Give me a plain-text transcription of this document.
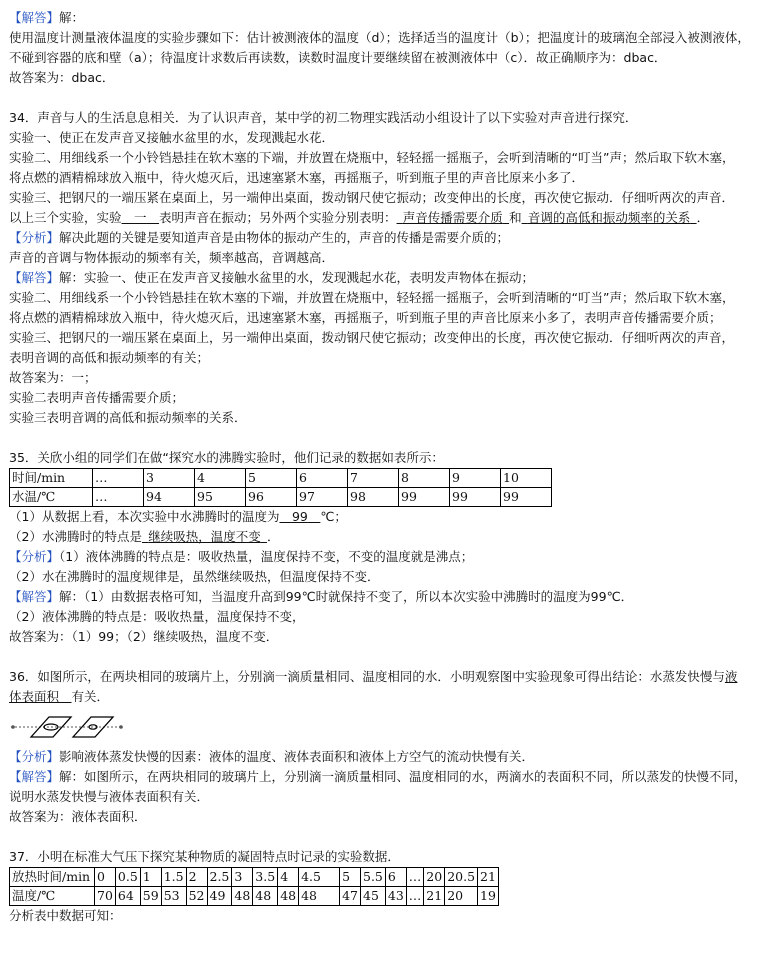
【解答】解：
使用温度计测量液体温度的实验步骤如下：估计被测液体的温度（d）；选择适当的温度计（b）；把温度计的玻璃泡全部浸入被测液体，
不碰到容器的底和壁（a）；待温度计求数后再读数，读数时温度计要继续留在被测液体中（c）．故正确顺序为：dbac．
故答案为：dbac．
34．声音与人的生活息息相关．为了认识声音，某中学的初二物理实践活动小组设计了以下实验对声音进行探究．
实验一、使正在发声音叉接触水盆里的水，发现溅起水花．
实验二、用细线系一个小铃铛悬挂在软木塞的下端，并放置在烧瓶中，轻轻摇一摇瓶子，会听到清晰的“叮当”声；然后取下软木塞，
将点燃的酒精棉球放入瓶中，待火熄灭后，迅速塞紧木塞，再摇瓶子，听到瓶子里的声音比原来小多了．
实验三、把钢尺的一端压紧在桌面上，另一端伸出桌面，拨动钢尺使它振动；改变伸出的长度，再次使它振动．仔细听两次的声音．
以上三个实验，实验  一  表明声音在振动；另外两个实验分别表明：  声音传播需要介质  和  音调的高低和振动频率的关系  ．
【分析】解决此题的关键是要知道声音是由物体的振动产生的，声音的传播是需要介质的；
声音的音调与物体振动的频率有关，频率越高，音调越高．
【解答】解：实验一、使正在发声音叉接触水盆里的水，发现溅起水花，表明发声物体在振动；
实验二、用细线系一个小铃铛悬挂在软木塞的下端，并放置在烧瓶中，轻轻摇一摇瓶子，会听到清晰的“叮当”声；然后取下软木塞，
将点燃的酒精棉球放入瓶中，待火熄灭后，迅速塞紧木塞，再摇瓶子，听到瓶子里的声音比原来小多了，表明声音传播需要介质；
实验三、把钢尺的一端压紧在桌面上，另一端伸出桌面，拨动钢尺使它振动；改变伸出的长度，再次使它振动．仔细听两次的声音，
表明音调的高低和振动频率的有关；
故答案为：一；
实验二表明声音传播需要介质；
实验三表明音调的高低和振动频率的关系．
35．关欣小组的同学们在做“探究水的沸腾实验时，他们记录的数据如表所示：
时间/min	…	3	4	5	6	7	8	9	10
水温/℃	…	94	95	96	97	98	99	99	99
（1）从数据上看，本次实验中水沸腾时的温度为  99  ℃；
（2）水沸腾时的特点是  继续吸热，温度不变  ．
【分析】（1）液体沸腾的特点是：吸收热量，温度保持不变，不变的温度就是沸点；
（2）水在沸腾时的温度规律是，虽然继续吸热，但温度保持不变．
【解答】解：（1）由数据表格可知，当温度升高到99℃时就保持不变了，所以本次实验中沸腾时的温度为99℃．
（2）液体沸腾的特点是：吸收热量，温度保持不变，
故答案为：（1）99；（2）继续吸热，温度不变．
36．如图所示，在两块相同的玻璃片上，分别滴一滴质量相同、温度相同的水．小明观察图中实验现象可得出结论：水蒸发快慢与液
体表面积  有关．
【分析】影响液体蒸发快慢的因素：液体的温度、液体表面积和液体上方空气的流动快慢有关．
【解答】解：如图所示，在两块相同的玻璃片上，分别滴一滴质量相同、温度相同的水，两滴水的表面积不同，所以蒸发的快慢不同，
说明水蒸发快慢与液体表面积有关．
故答案为：液体表面积．
37．小明在标准大气压下探究某种物质的凝固特点时记录的实验数据．
放热时间/min	0	0.5	1	1.5	2	2.5	3	3.5	4	4.5	5	5.5	6	…	20	20.5	21
温度/℃	70	64	59	53	52	49	48	48	48	48	47	45	43	…	21	20	19
分析表中数据可知：
